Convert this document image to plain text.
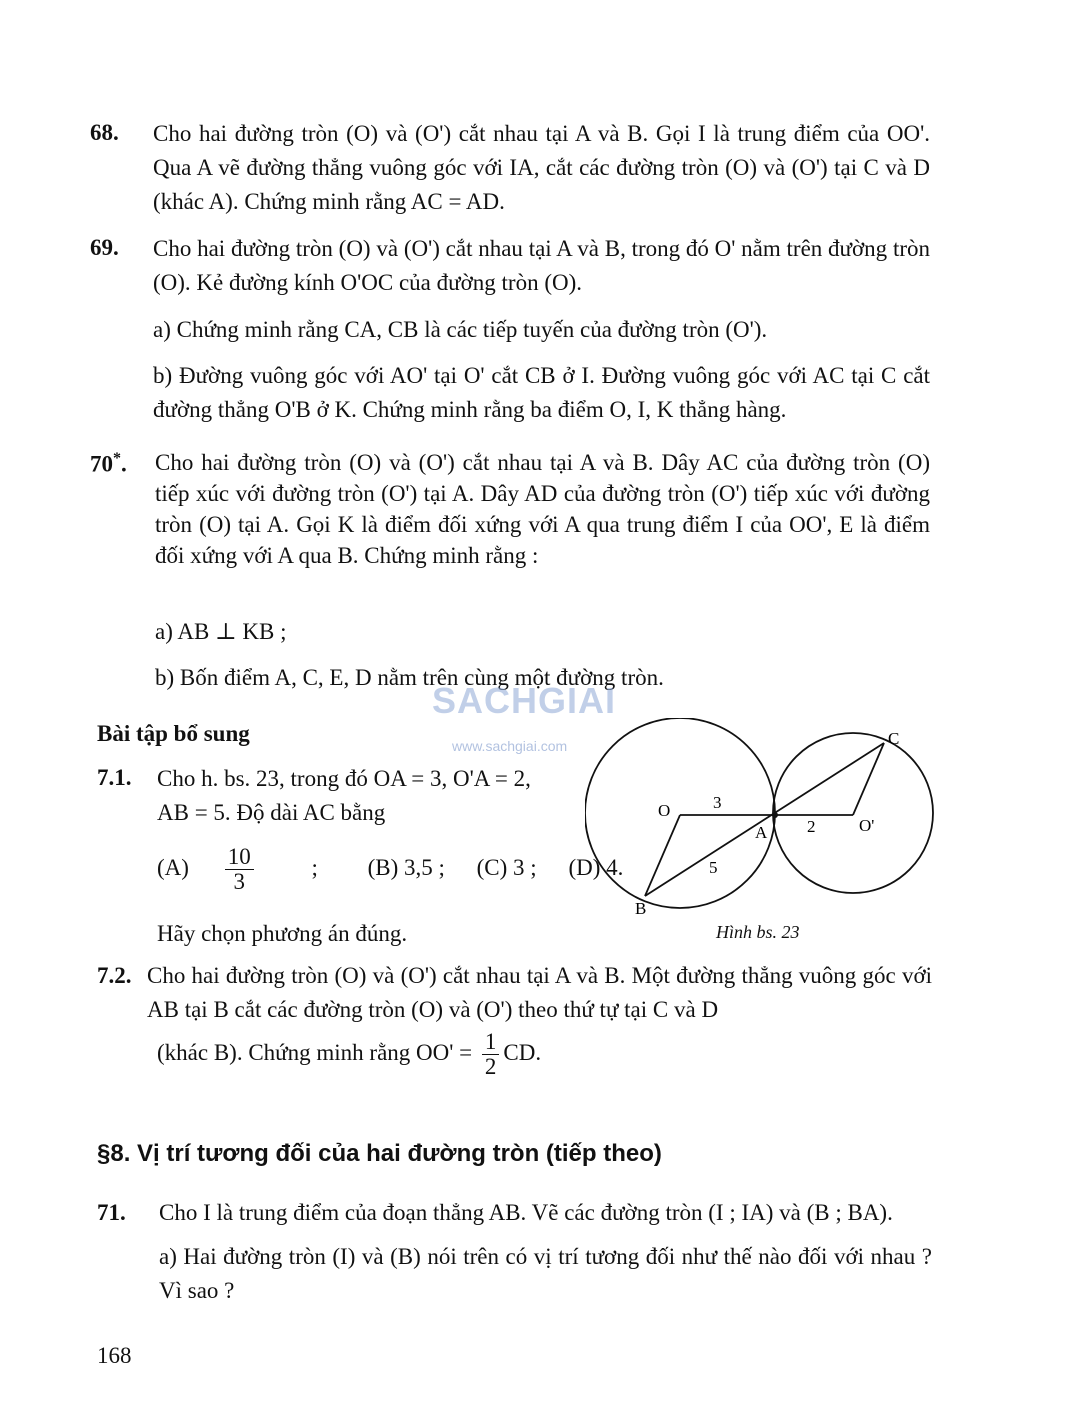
68. Cho hai đường tròn (O) và (O') cắt nhau tại A và B. Gọi I là trung điểm của OO'. Qua A vẽ đường thẳng vuông góc với IA, cắt các đường tròn (O) và (O') tại C và D (khác A). Chứng minh rằng AC = AD.
69. Cho hai đường tròn (O) và (O') cắt nhau tại A và B, trong đó O' nằm trên đường tròn (O). Kẻ đường kính O'OC của đường tròn (O).
a) Chứng minh rằng CA, CB là các tiếp tuyến của đường tròn (O').
b) Đường vuông góc với AO' tại O' cắt CB ở I. Đường vuông góc với AC tại C cắt đường thẳng O'B ở K. Chứng minh rằng ba điểm O, I, K thẳng hàng.
70*. Cho hai đường tròn (O) và (O') cắt nhau tại A và B. Dây AC của đường tròn (O) tiếp xúc với đường tròn (O') tại A. Dây AD của đường tròn (O') tiếp xúc với đường tròn (O) tại A. Gọi K là điểm đối xứng với A qua trung điểm I của OO', E là điểm đối xứng với A qua B. Chứng minh rằng :
a) AB ⊥ KB ;
b) Bốn điểm A, C, E, D nằm trên cùng một đường tròn.
SACHGIAI
www.sachgiai.com
Bài tập bổ sung
7.1. Cho h. bs. 23, trong đó OA = 3, O'A = 2,
AB = 5. Độ dài AC bằng
$(A) \frac{10}{3}$ ; (B) 3,5 ; (C) 3 ; (D) 4.
Hãy chọn phương án đúng.
O
O'
A
B
C
3
2
5
Hình bs. 23
7.2. Cho hai đường tròn (O) và (O') cắt nhau tại A và B. Một đường thẳng vuông góc với AB tại B cắt các đường tròn (O) và (O') theo thứ tự tại C và D
(khác B). Chứng minh rằng $OO' = \frac{1}{2}$ CD.
§8. Vị trí tương đối của hai đường tròn (tiếp theo)
71. Cho I là trung điểm của đoạn thẳng AB. Vẽ các đường tròn (I ; IA) và (B ; BA).
a) Hai đường tròn (I) và (B) nói trên có vị trí tương đối như thế nào đối với nhau ? Vì sao ?
168
